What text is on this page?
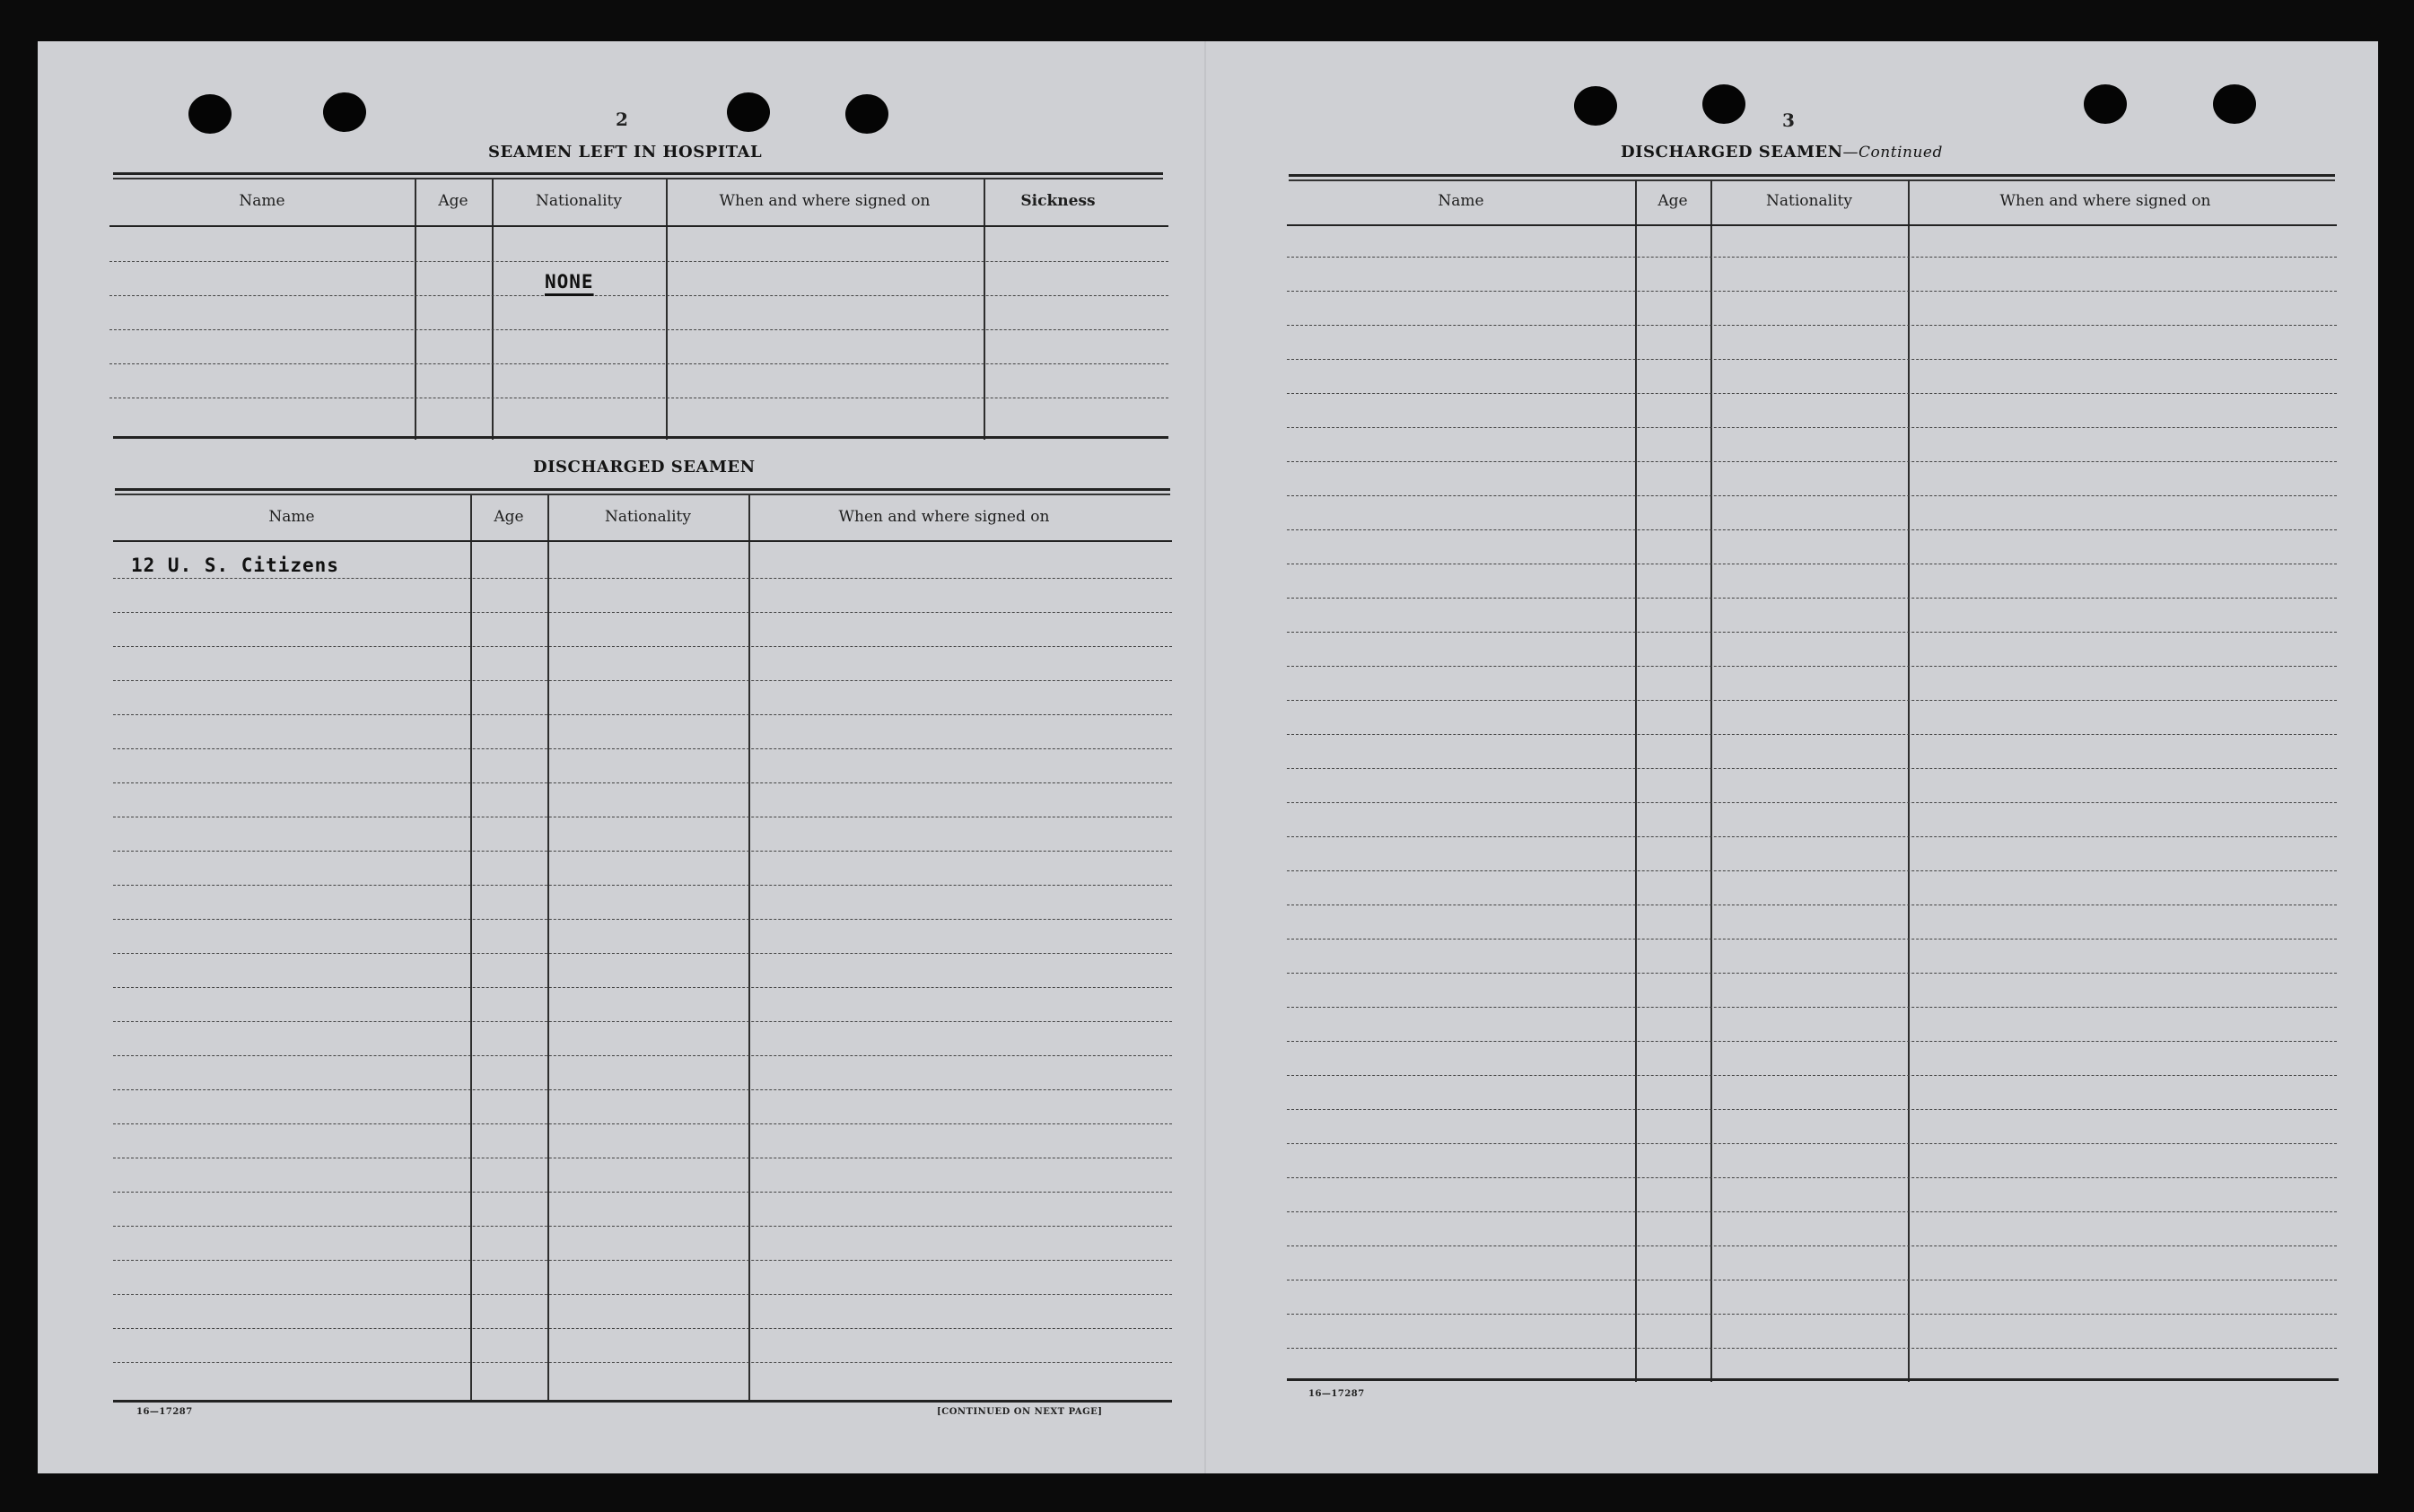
2
SEAMEN LEFT IN HOSPITAL
Name	Age	Nationality	When and where signed on	Sickness
NONE
DISCHARGED SEAMEN
Name	Age	Nationality	When and where signed on
12 U. S. Citizens
16—17287	[CONTINUED ON NEXT PAGE]
3
DISCHARGED SEAMEN—Continued
Name	Age	Nationality	When and where signed on
16—17287
